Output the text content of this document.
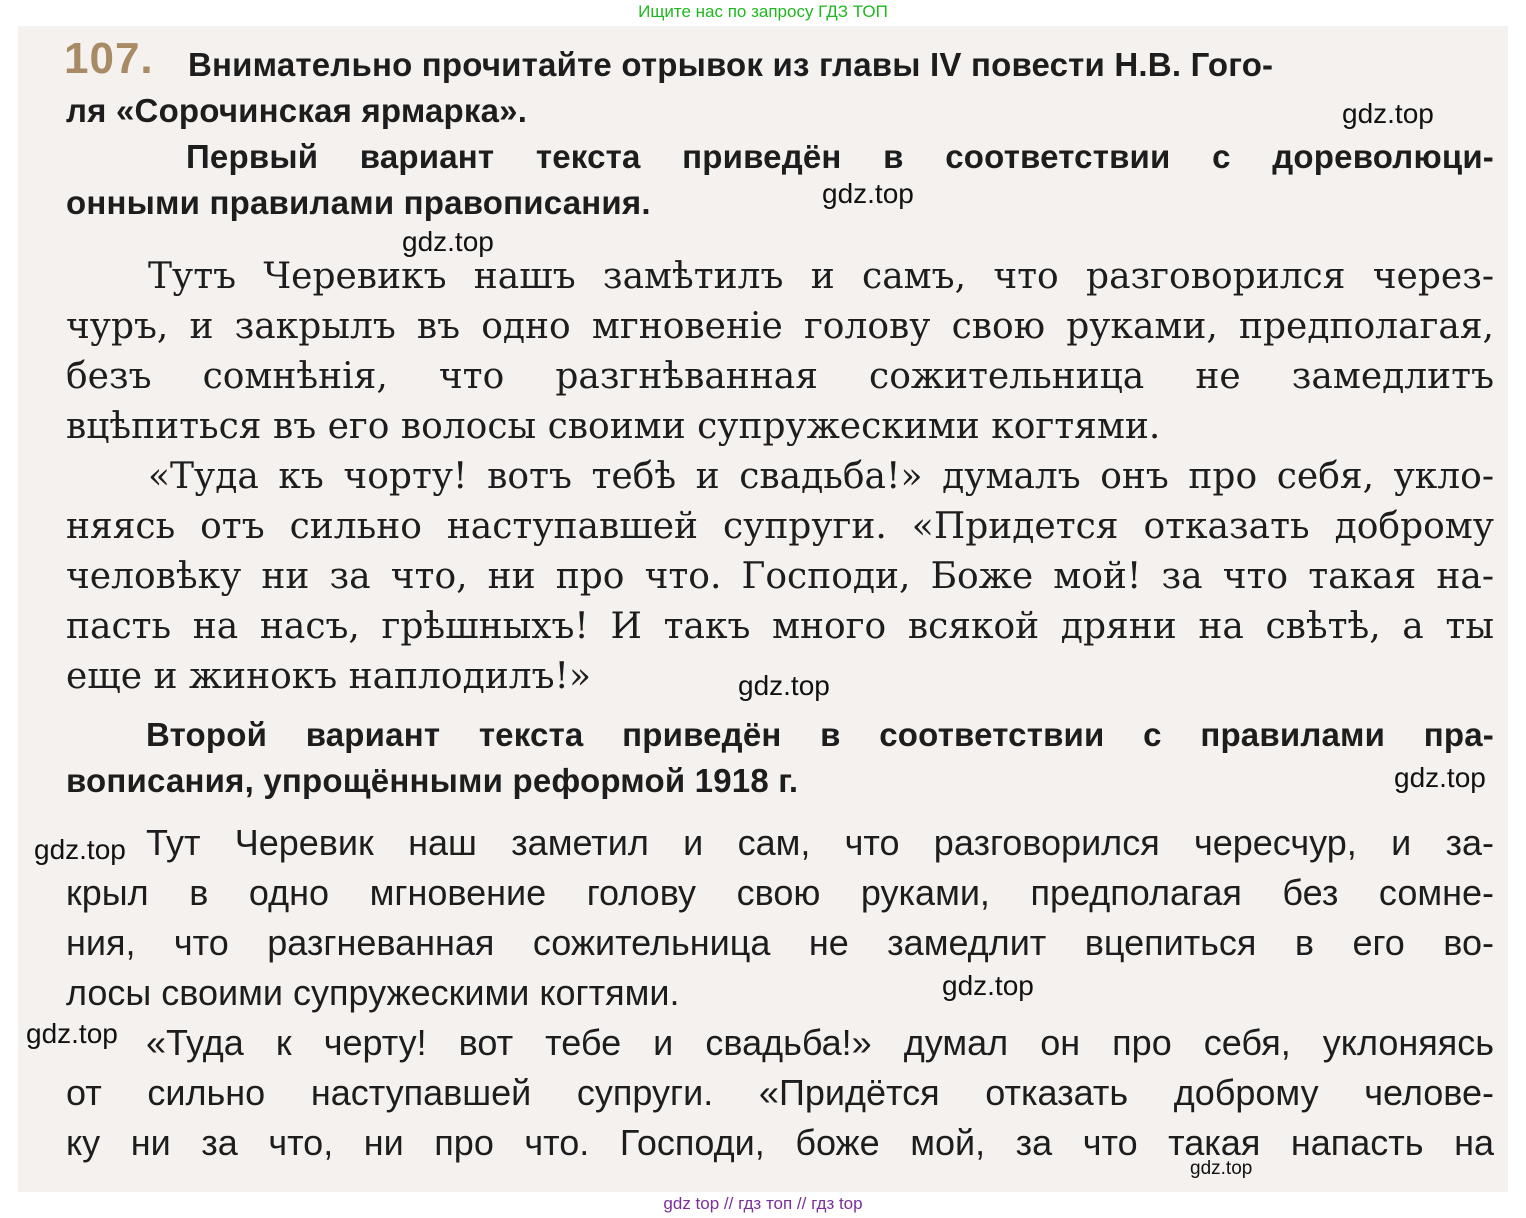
Ищите нас по запросу ГДЗ ТОП
107. Внимательно прочитайте отрывок из главы IV повести Н.В. Гого-

ля «Сорочинская ярмарка».

Первый вариант текста приведён в соответствии с дореволюци-

онными правилами правописания.

Тутъ Черевикъ нашъ замѣтилъ и самъ, что разговорился через-

чуръ, и закрылъ въ одно мгновеніе голову свою руками, предполагая,

безъ сомнѣнія, что разгнѣванная сожительница не замедлитъ

вцѣпиться въ его волосы своими супружескими когтями.

«Туда къ чорту! вотъ тебѣ и свадьба!» думалъ онъ про себя, укло-

няясь отъ сильно наступавшей супруги. «Придется отказать доброму

человѣку ни за что, ни про что. Господи, Боже мой! за что такая на-

пасть на насъ, грѣшныхъ! И такъ много всякой дряни на свѣтѣ, а ты

еще и жинокъ наплодилъ!»

Второй вариант текста приведён в соответствии с правилами пра-

вописания, упрощёнными реформой 1918 г.

Тут Черевик наш заметил и сам, что разговорился чересчур, и за-

крыл в одно мгновение голову свою руками, предполагая без сомне-

ния, что разгневанная сожительница не замедлит вцепиться в его во-

лосы своими супружескими когтями.

«Туда к черту! вот тебе и свадьба!» думал он про себя, уклоняясь

от сильно наступавшей супруги. «Придётся отказать доброму челове-

ку ни за что, ни про что. Господи, боже мой, за что такая напасть на

gdz.top
gdz.top
gdz.top
gdz.top
gdz.top
gdz.top
gdz.top
gdz.top
gdz.top
gdz top // гдз топ // гдз top
